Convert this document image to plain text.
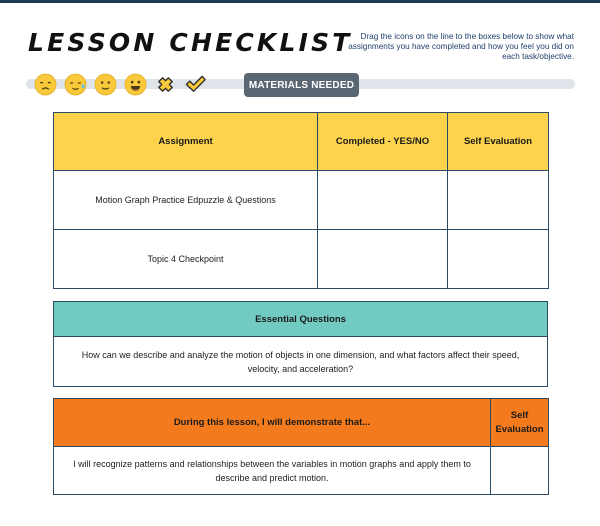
LESSON CHECKLIST Drag the icons on the line to the boxes below to show what assignments you have completed and how you feel you did on each task/objective.
MATERIALS NEEDED
Assignment	Completed - YES/NO	Self Evaluation
Motion Graph Practice Edpuzzle & Questions		
Topic 4 Checkpoint		
Essential Questions
How can we describe and analyze the motion of objects in one dimension, and what factors affect their speed, velocity, and acceleration?
During this lesson, I will demonstrate that...	Self Evaluation
I will recognize patterns and relationships between the variables in motion graphs and apply them to describe and predict motion.	
